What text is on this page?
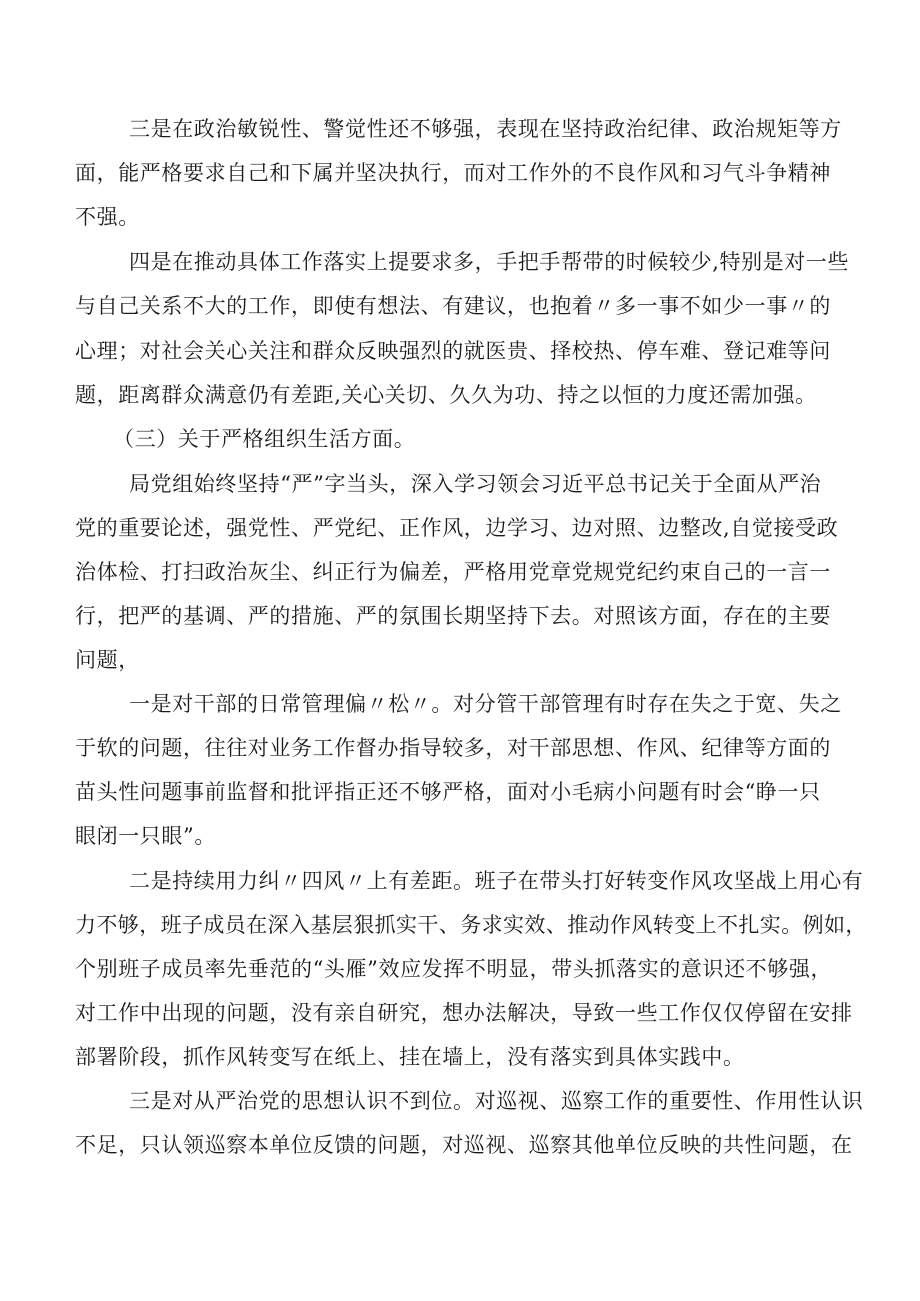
三是在政治敏锐性、警觉性还不够强，表现在坚持政治纪律、政治规矩等方
面，能严格要求自己和下属并坚决执行，而对工作外的不良作风和习气斗争精神
不强。
四是在推动具体工作落实上提要求多，手把手帮带的时候较少,特别是对一些
与自己关系不大的工作，即使有想法、有建议，也抱着〃多一事不如少一事〃的
心理；对社会关心关注和群众反映强烈的就医贵、择校热、停车难、登记难等问
题，距离群众满意仍有差距,关心关切、久久为功、持之以恒的力度还需加强。
（三）关于严格组织生活方面。
局党组始终坚持“严”字当头，深入学习领会习近平总书记关于全面从严治
党的重要论述，强党性、严党纪、正作风，边学习、边对照、边整改,自觉接受政
治体检、打扫政治灰尘、纠正行为偏差，严格用党章党规党纪约束自己的一言一
行，把严的基调、严的措施、严的氛围长期坚持下去。对照该方面，存在的主要
问题，
一是对干部的日常管理偏〃松〃。对分管干部管理有时存在失之于宽、失之
于软的问题，往往对业务工作督办指导较多，对干部思想、作风、纪律等方面的
苗头性问题事前监督和批评指正还不够严格，面对小毛病小问题有时会“睁一只
眼闭一只眼”。
二是持续用力纠〃四风〃上有差距。班子在带头打好转变作风攻坚战上用心有
力不够，班子成员在深入基层狠抓实干、务求实效、推动作风转变上不扎实。例如，
个别班子成员率先垂范的“头雁”效应发挥不明显，带头抓落实的意识还不够强，
对工作中出现的问题，没有亲自研究，想办法解决，导致一些工作仅仅停留在安排
部署阶段，抓作风转变写在纸上、挂在墙上，没有落实到具体实践中。
三是对从严治党的思想认识不到位。对巡视、巡察工作的重要性、作用性认识
不足，只认领巡察本单位反馈的问题，对巡视、巡察其他单位反映的共性问题，在
